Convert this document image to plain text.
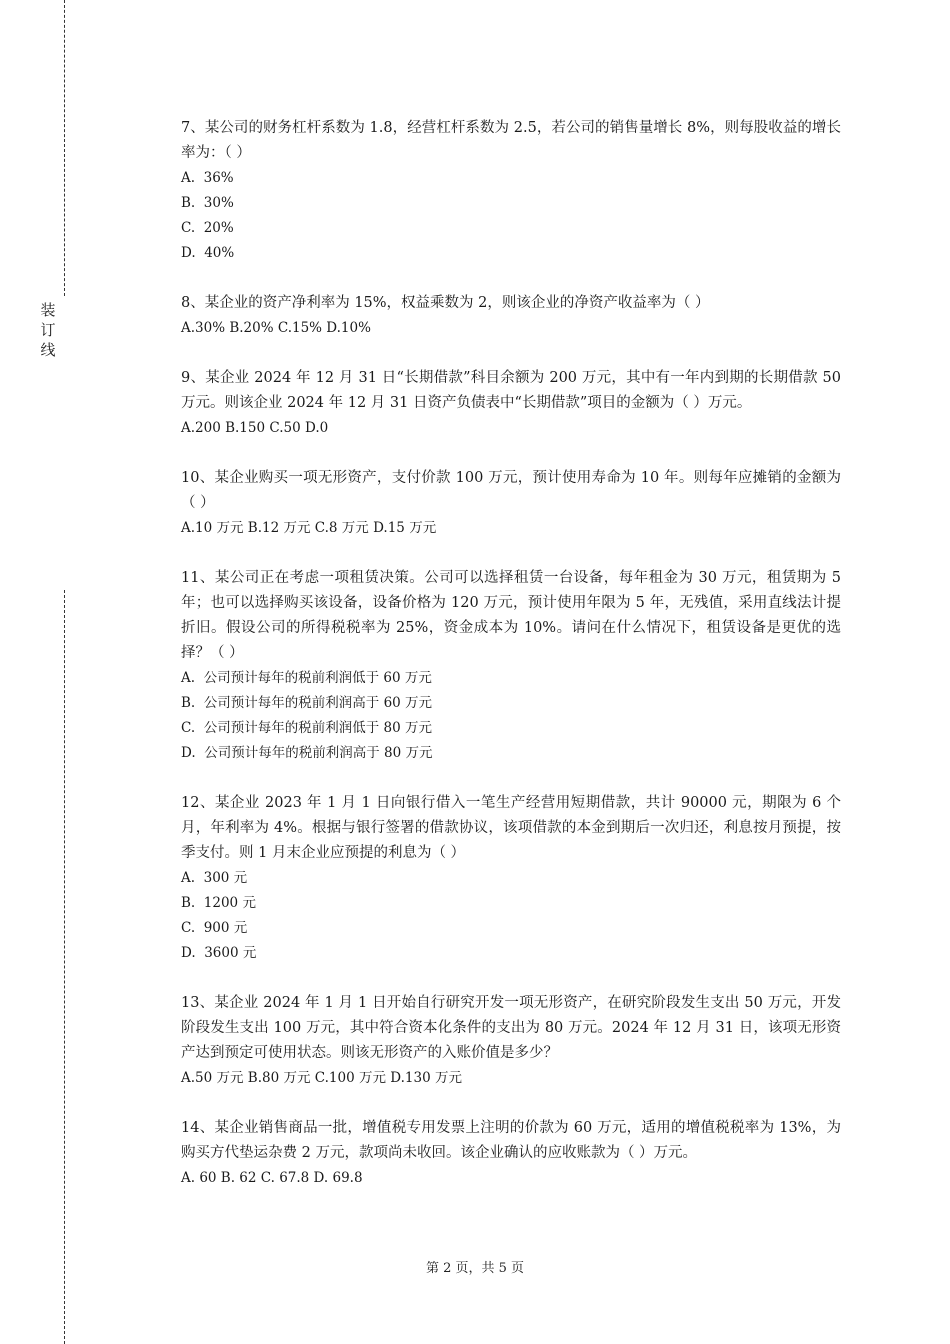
装
订
线

7、某公司的财务杠杆系数为 1.8，经营杠杆系数为 2.5，若公司的销售量增长 8%，则每股收益的增长率为：（ ）

A.  36%

B.  30%

C.  20%

D.  40%

8、某企业的资产净利率为 15%，权益乘数为 2，则该企业的净资产收益率为（ ）

A.30% B.20% C.15% D.10%

9、某企业 2024 年 12 月 31 日“长期借款”科目余额为 200 万元，其中有一年内到期的长期借款 50 万元。则该企业 2024 年 12 月 31 日资产负债表中“长期借款”项目的金额为（ ）万元。

A.200 B.150 C.50 D.0

10、某企业购买一项无形资产，支付价款 100 万元，预计使用寿命为 10 年。则每年应摊销的金额为（ ）

A.10 万元 B.12 万元 C.8 万元 D.15 万元

11、某公司正在考虑一项租赁决策。公司可以选择租赁一台设备，每年租金为 30 万元，租赁期为 5 年；也可以选择购买该设备，设备价格为 120 万元，预计使用年限为 5 年，无残值，采用直线法计提折旧。假设公司的所得税税率为 25%，资金成本为 10%。请问在什么情况下，租赁设备是更优的选择？（ ）

A.  公司预计每年的税前利润低于 60 万元

B.  公司预计每年的税前利润高于 60 万元

C.  公司预计每年的税前利润低于 80 万元

D.  公司预计每年的税前利润高于 80 万元

12、某企业 2023 年 1 月 1 日向银行借入一笔生产经营用短期借款，共计 90000 元，期限为 6 个月，年利率为 4%。根据与银行签署的借款协议，该项借款的本金到期后一次归还，利息按月预提，按季支付。则 1 月末企业应预提的利息为（ ）

A.  300 元

B.  1200 元

C.  900 元

D.  3600 元

13、某企业 2024 年 1 月 1 日开始自行研究开发一项无形资产，在研究阶段发生支出 50 万元，开发阶段发生支出 100 万元，其中符合资本化条件的支出为 80 万元。2024 年 12 月 31 日，该项无形资产达到预定可使用状态。则该无形资产的入账价值是多少？

A.50 万元 B.80 万元 C.100 万元 D.130 万元

14、某企业销售商品一批，增值税专用发票上注明的价款为 60 万元，适用的增值税税率为 13%，为购买方代垫运杂费 2 万元，款项尚未收回。该企业确认的应收账款为（ ）万元。

A. 60 B. 62 C. 67.8 D. 69.8

第 2 页，共 5 页
